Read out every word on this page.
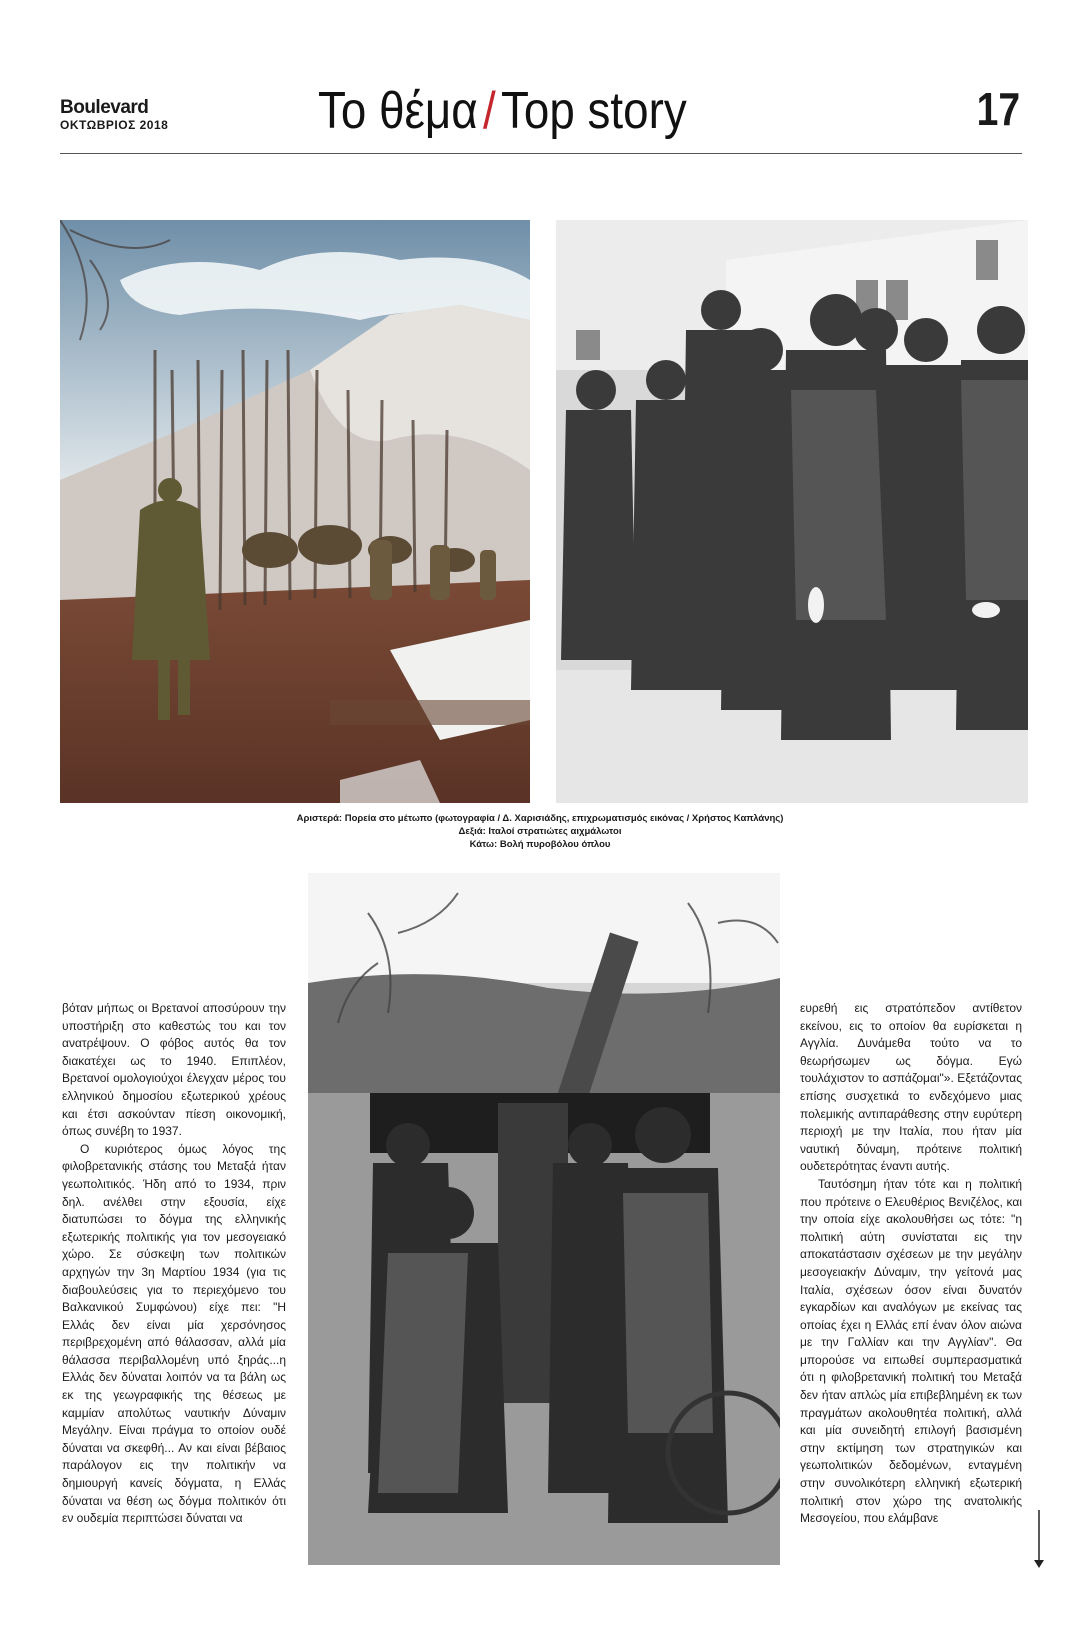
Boulevard
ΟΚΤΩΒΡΙΟΣ 2018	Το θέμα / Top story	17
Αριστερά: Πορεία στο μέτωπο (φωτογραφία / Δ. Χαρισιάδης, επιχρωματισμός εικόνας / Χρήστος Καπλάνης)
Δεξιά: Ιταλοί στρατιώτες αιχμάλωτοι
Κάτω: Βολή πυροβόλου όπλου

βόταν μήπως οι Βρετανοί αποσύρουν την υποστήριξη στο καθεστώς του και τον ανατρέψουν. Ο φόβος αυτός θα τον διακατέχει ως το 1940. Επιπλέον, Βρετανοί ομολογιούχοι έλεγχαν μέρος του ελληνικού δημοσίου εξωτερικού χρέους και έτσι ασκούνταν πίεση οικονομική, όπως συνέβη το 1937.

Ο κυριότερος όμως λόγος της φιλοβρετανικής στάσης του Μεταξά ήταν γεωπολιτικός. Ήδη από το 1934, πριν δηλ. ανέλθει στην εξουσία, είχε διατυπώσει το δόγμα της ελληνικής εξωτερικής πολιτικής για τον μεσογειακό χώρο. Σε σύσκεψη των πολιτικών αρχηγών την 3η Μαρτίου 1934 (για τις διαβουλεύσεις για το περιεχόμενο του Βαλκανικού Συμφώνου) είχε πει: "Η Ελλάς δεν είναι μία χερσόνησος περιβρεχομένη από θάλασσαν, αλλά μία θάλασσα περιβαλλομένη υπό ξηράς...η Ελλάς δεν δύναται λοιπόν να τα βάλη ως εκ της γεωγραφικής της θέσεως με καμμίαν απολύτως ναυτικήν Δύναμιν Μεγάλην. Είναι πράγμα το οποίον ουδέ δύναται να σκεφθή... Αν και είναι βέβαιος παράλογον εις την πολιτικήν να δημιουργή κανείς δόγματα, η Ελλάς δύναται να θέση ως δόγμα πολιτικόν ότι εν ουδεμία περιπτώσει δύναται να

ευρεθή εις στρατόπεδον αντίθετον εκείνου, εις το οποίον θα ευρίσκεται η Αγγλία. Δυνάμεθα τούτο να το θεωρήσωμεν ως δόγμα. Εγώ τουλάχιστον το ασπάζομαι"». Εξετάζοντας επίσης συσχετικά το ενδεχόμενο μιας πολεμικής αντιπαράθεσης στην ευρύτερη περιοχή με την Ιταλία, που ήταν μία ναυτική δύναμη, πρότεινε πολιτική ουδετερότητας έναντι αυτής.

Ταυτόσημη ήταν τότε και η πολιτική που πρότεινε ο Ελευθέριος Βενιζέλος, και την οποία είχε ακολουθήσει ως τότε: "η πολιτική αύτη συνίσταται εις την αποκατάστασιν σχέσεων με την μεγάλην μεσογειακήν Δύναμιν, την γείτονά μας Ιταλία, σχέσεων όσον είναι δυνατόν εγκαρδίων και αναλόγων με εκείνας τας οποίας έχει η Ελλάς επί έναν όλον αιώνα με την Γαλλίαν και την Αγγλίαν". Θα μπορούσε να ειπωθεί συμπερασματικά ότι η φιλοβρετανική πολιτική του Μεταξά δεν ήταν απλώς μία επιβεβλημένη εκ των πραγμάτων ακολουθητέα πολιτική, αλλά και μία συνειδητή επιλογή βασισμένη στην εκτίμηση των στρατηγικών και γεωπολιτικών δεδομένων, ενταγμένη στην συνολικότερη ελληνική εξωτερική πολιτική στον χώρο της ανατολικής Μεσογείου, που ελάμβανε
